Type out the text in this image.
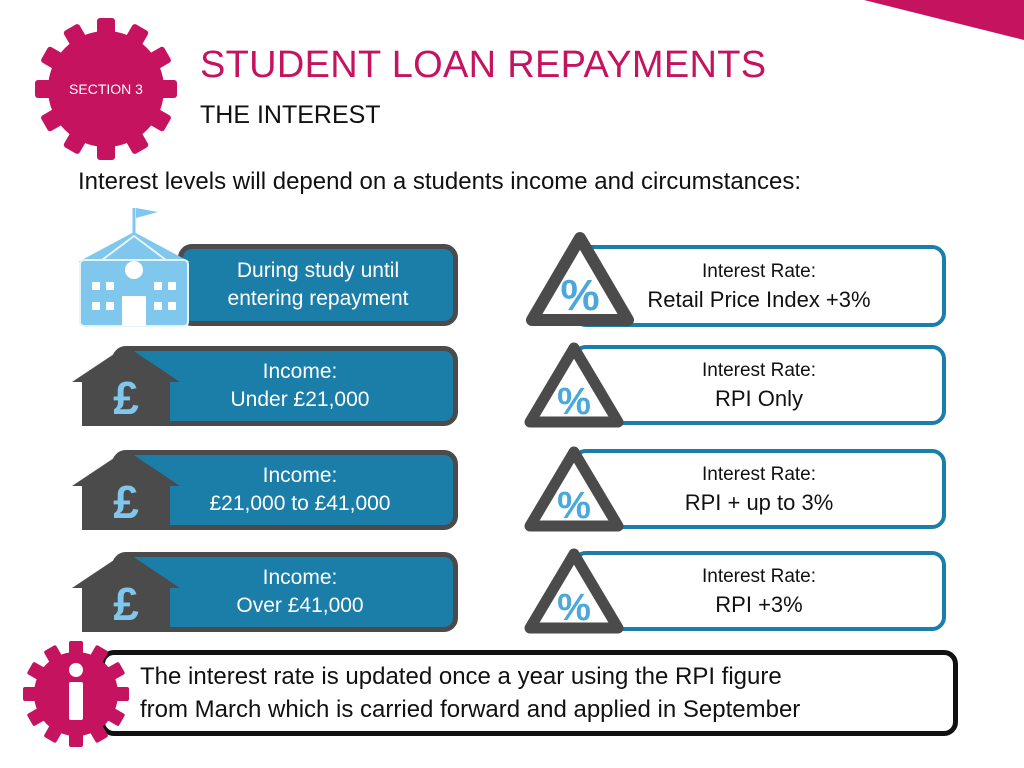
SECTION 3
STUDENT LOAN REPAYMENTS
THE INTEREST
Interest levels will depend on a students income and circumstances:
During study until
entering repayment
Interest Rate:
Retail Price Index +3%
%
Income:
Under £21,000
£
Interest Rate:
RPI Only
%
Income:
£21,000 to £41,000
£
Interest Rate:
RPI + up to 3%
%
Income:
Over £41,000
£
Interest Rate:
RPI +3%
%
The interest rate is updated once a year using the RPI figure
from March which is carried forward and applied in September
